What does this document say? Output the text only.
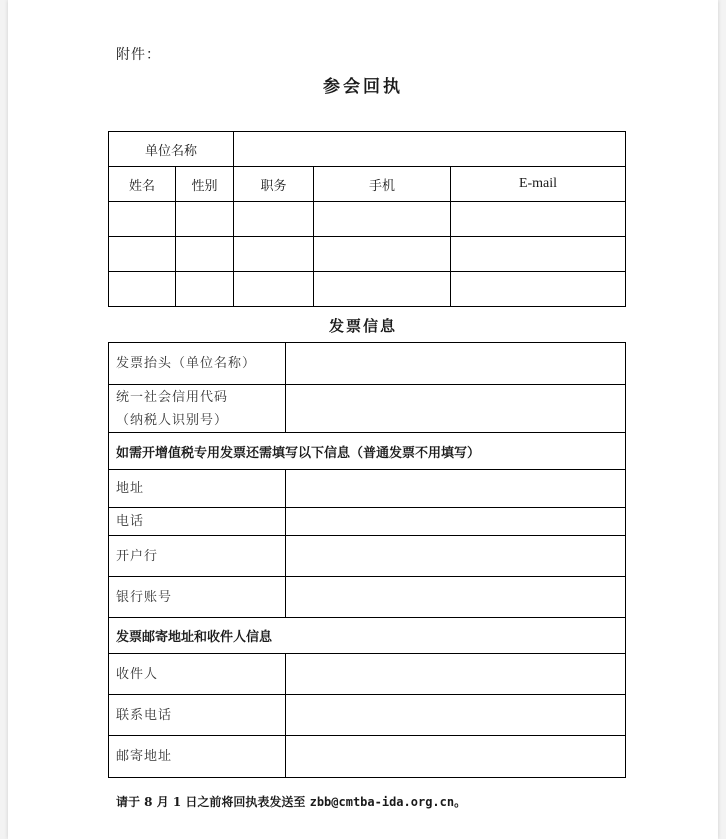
附件：
参会回执
单位名称				
姓名	性别	职务	手机	E-mail

发票信息
发票抬头（单位名称）	
统一社会信用代码
（纳税人识别号）	
如需开增值税专用发票还需填写以下信息（普通发票不用填写）	
地址	
电话	
开户行	
银行账号	
发票邮寄地址和收件人信息	
收件人	
联系电话	
邮寄地址	
请于 8 月 1 日之前将回执表发送至 zbb@cmtba-ida.org.cn。
